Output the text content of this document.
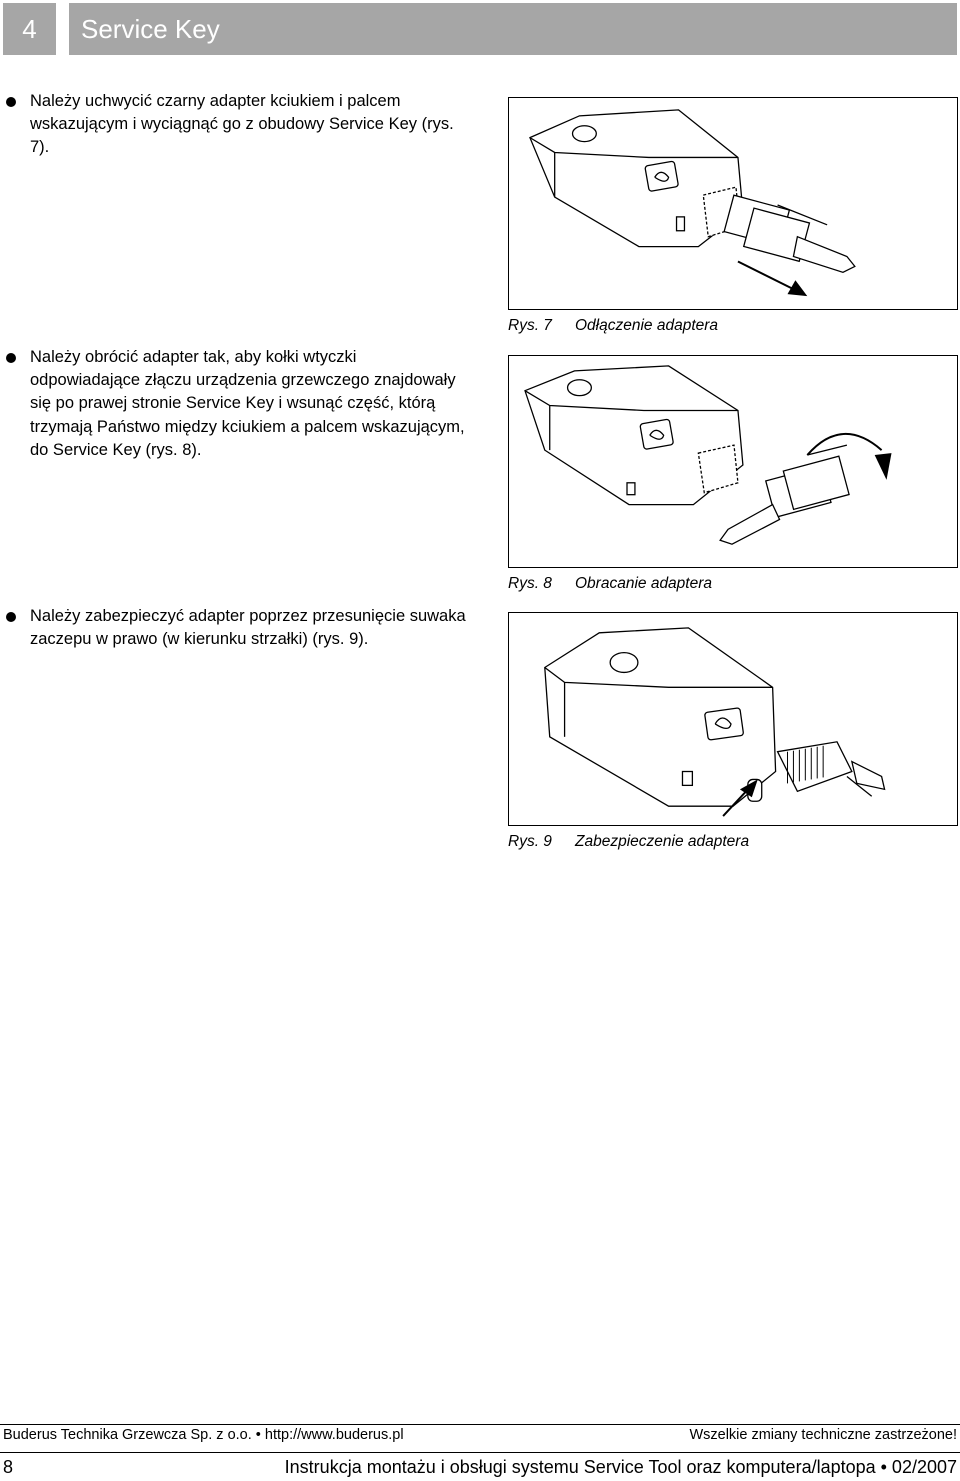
4	Service Key
Należy uchwycić czarny adapter kciukiem i palcem wskazującym i wyciągnąć go z obudowy Service Key (rys. 7).
Należy obrócić adapter tak, aby kołki wtyczki odpowiadające złączu urządzenia grzewczego znajdowały się po prawej stronie Service Key i wsunąć część, którą trzymają Państwo między kciukiem a palcem wskazującym, do Service Key (rys. 8).
Należy zabezpieczyć adapter poprzez przesunięcie suwaka zaczepu w prawo (w kierunku strzałki) (rys. 9).
Rys. 7 Odłączenie adaptera
Rys. 8 Obracanie adaptera
Rys. 9 Zabezpieczenie adaptera
Buderus Technika Grzewcza Sp. z o.o. • http://www.buderus.pl	Wszelkie zmiany techniczne zastrzeżone!
8	Instrukcja montażu i obsługi systemu Service Tool oraz komputera/laptopa • 02/2007
